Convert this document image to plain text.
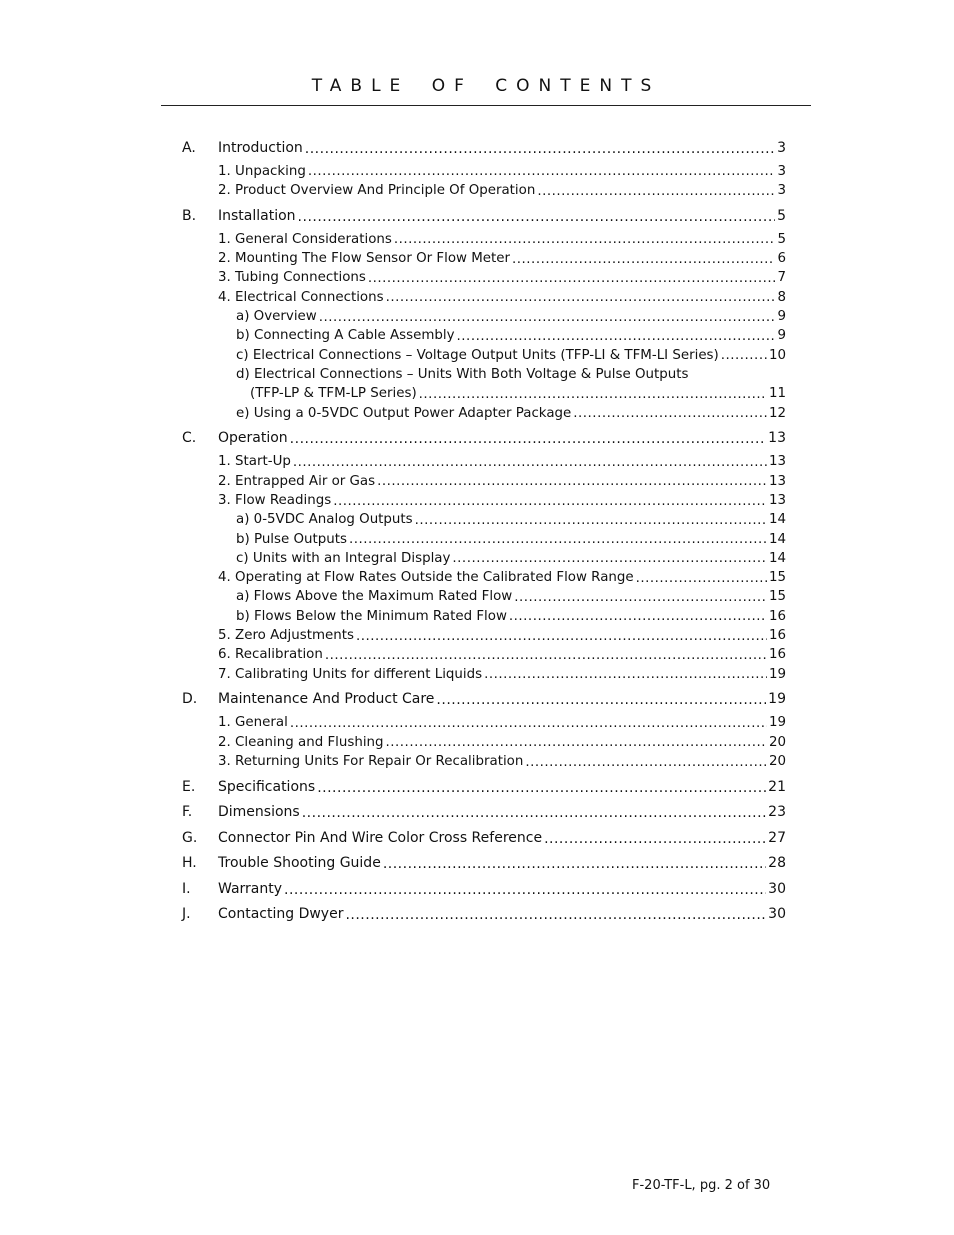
TABLE OF CONTENTS
A.	Introduction .....	3
1. Unpacking .....	3
2. Product Overview And Principle Of Operation .....	3
B.	Installation .....	5
1. General Considerations .....	5
2. Mounting The Flow Sensor Or Flow Meter .....	6
3. Tubing Connections .....	7
4. Electrical Connections .....	8
a) Overview .....	9
b) Connecting A Cable Assembly .....	9
c) Electrical Connections – Voltage Output Units (TFP-LI & TFM-LI Series) .....	10
d) Electrical Connections – Units With Both Voltage & Pulse Outputs
(TFP-LP & TFM-LP Series) .....	11
e) Using a 0-5VDC Output Power Adapter Package .....	12
C.	Operation .....	13
1. Start-Up .....	13
2. Entrapped Air or Gas .....	13
3. Flow Readings .....	13
a) 0-5VDC Analog Outputs .....	14
b) Pulse Outputs .....	14
c) Units with an Integral Display .....	14
4. Operating at Flow Rates Outside the Calibrated Flow Range .....	15
a) Flows Above the Maximum Rated Flow .....	15
b) Flows Below the Minimum Rated Flow .....	16
5. Zero Adjustments .....	16
6. Recalibration .....	16
7. Calibrating Units for different Liquids .....	19
D.	Maintenance And Product Care .....	19
1. General .....	19
2. Cleaning and Flushing .....	20
3. Returning Units For Repair Or Recalibration .....	20
E.	Specifications .....	21
F.	Dimensions .....	23
G.	Connector Pin And Wire Color Cross Reference .....	27
H.	Trouble Shooting Guide .....	28
I.	Warranty .....	30
J.	Contacting Dwyer .....	30
F-20-TF-L, pg. 2 of 30
